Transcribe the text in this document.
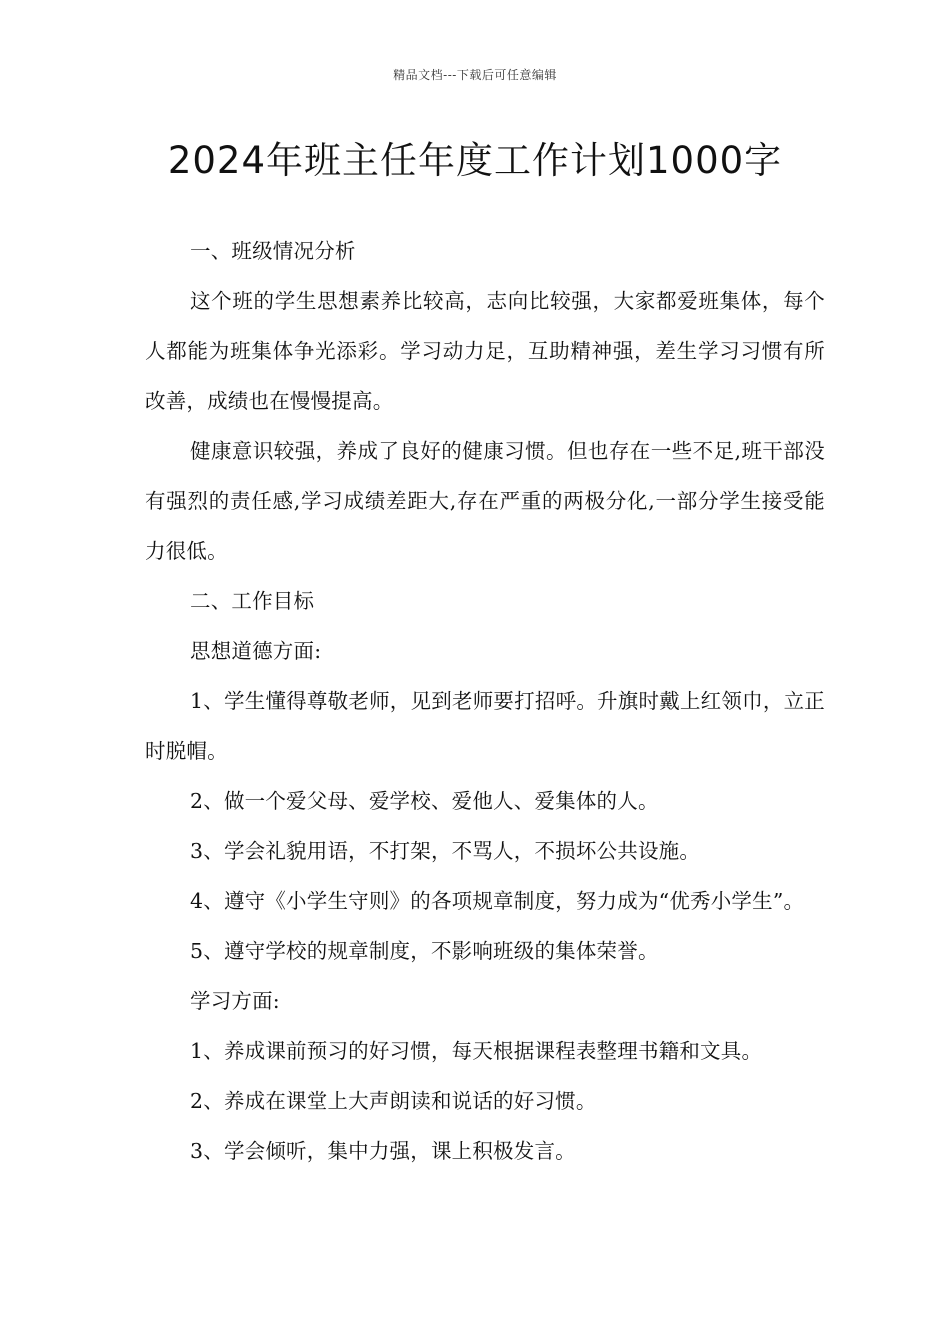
精品文档---下载后可任意编辑
2024年班主任年度工作计划1000字

一、班级情况分析

这个班的学生思想素养比较高，志向比较强，大家都爱班集体，每个人都能为班集体争光添彩。学习动力足，互助精神强，差生学习习惯有所改善，成绩也在慢慢提高。

健康意识较强，养成了良好的健康习惯。但也存在一些不足,班干部没有强烈的责任感,学习成绩差距大,存在严重的两极分化,一部分学生接受能力很低。

二、工作目标

思想道德方面:

1、学生懂得尊敬老师，见到老师要打招呼。升旗时戴上红领巾，立正时脱帽。

2、做一个爱父母、爱学校、爱他人、爱集体的人。

3、学会礼貌用语，不打架，不骂人，不损坏公共设施。

4、遵守《小学生守则》的各项规章制度，努力成为“优秀小学生”。

5、遵守学校的规章制度，不影响班级的集体荣誉。

学习方面:

1、养成课前预习的好习惯，每天根据课程表整理书籍和文具。

2、养成在课堂上大声朗读和说话的好习惯。

3、学会倾听，集中力强，课上积极发言。
